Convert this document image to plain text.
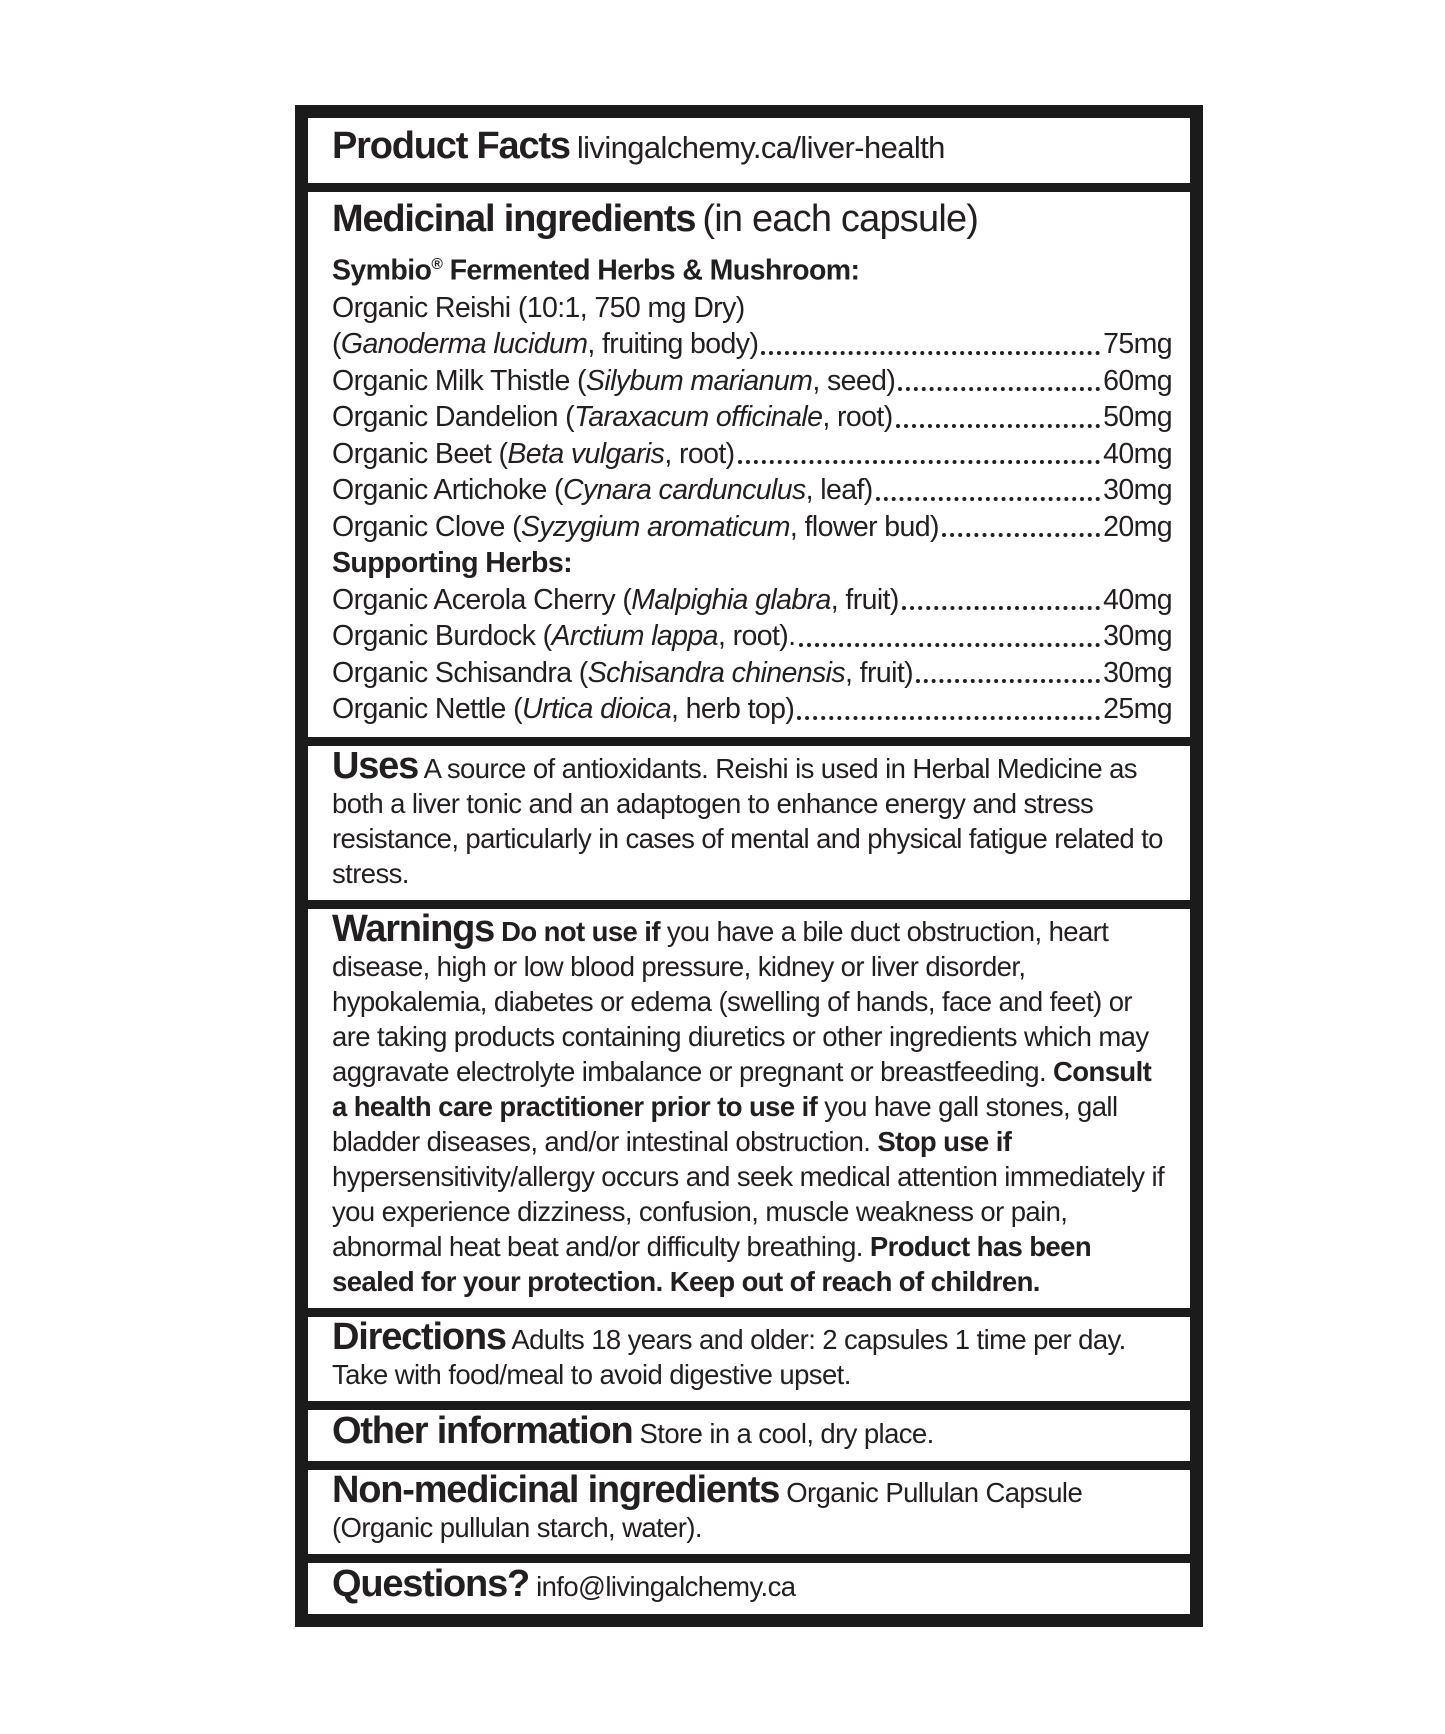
Product Facts livingalchemy.ca/liver-health

Medicinal ingredients (in each capsule)

Symbio® Fermented Herbs & Mushroom:

Organic Reishi (10:1, 750 mg Dry)
(Ganoderma lucidum, fruiting body)	75mg
Organic Milk Thistle (Silybum marianum, seed)	60mg
Organic Dandelion (Taraxacum officinale, root)	50mg
Organic Beet (Beta vulgaris, root)	40mg
Organic Artichoke (Cynara cardunculus, leaf)	30mg
Organic Clove (Syzygium aromaticum, flower bud)	20mg
Supporting Herbs:
Organic Acerola Cherry (Malpighia glabra, fruit)	40mg
Organic Burdock (Arctium lappa, root).	30mg
Organic Schisandra (Schisandra chinensis, fruit)	30mg
Organic Nettle (Urtica dioica, herb top)	25mg

Uses A source of antioxidants. Reishi is used in Herbal Medicine as both a liver tonic and an adaptogen to enhance energy and stress resistance, particularly in cases of mental and physical fatigue related to stress.

Warnings Do not use if you have a bile duct obstruction, heart disease, high or low blood pressure, kidney or liver disorder, hypokalemia, diabetes or edema (swelling of hands, face and feet) or are taking products containing diuretics or other ingredients which may aggravate electrolyte imbalance or pregnant or breastfeeding. Consult a health care practitioner prior to use if you have gall stones, gall bladder diseases, and/or intestinal obstruction. Stop use if hypersensitivity/allergy occurs and seek medical attention immediately if you experience dizziness, confusion, muscle weakness or pain, abnormal heat beat and/or difficulty breathing. Product has been sealed for your protection. Keep out of reach of children.

Directions Adults 18 years and older: 2 capsules 1 time per day. Take with food/meal to avoid digestive upset.

Other information Store in a cool, dry place.

Non-medicinal ingredients Organic Pullulan Capsule (Organic pullulan starch, water).

Questions? info@livingalchemy.ca
